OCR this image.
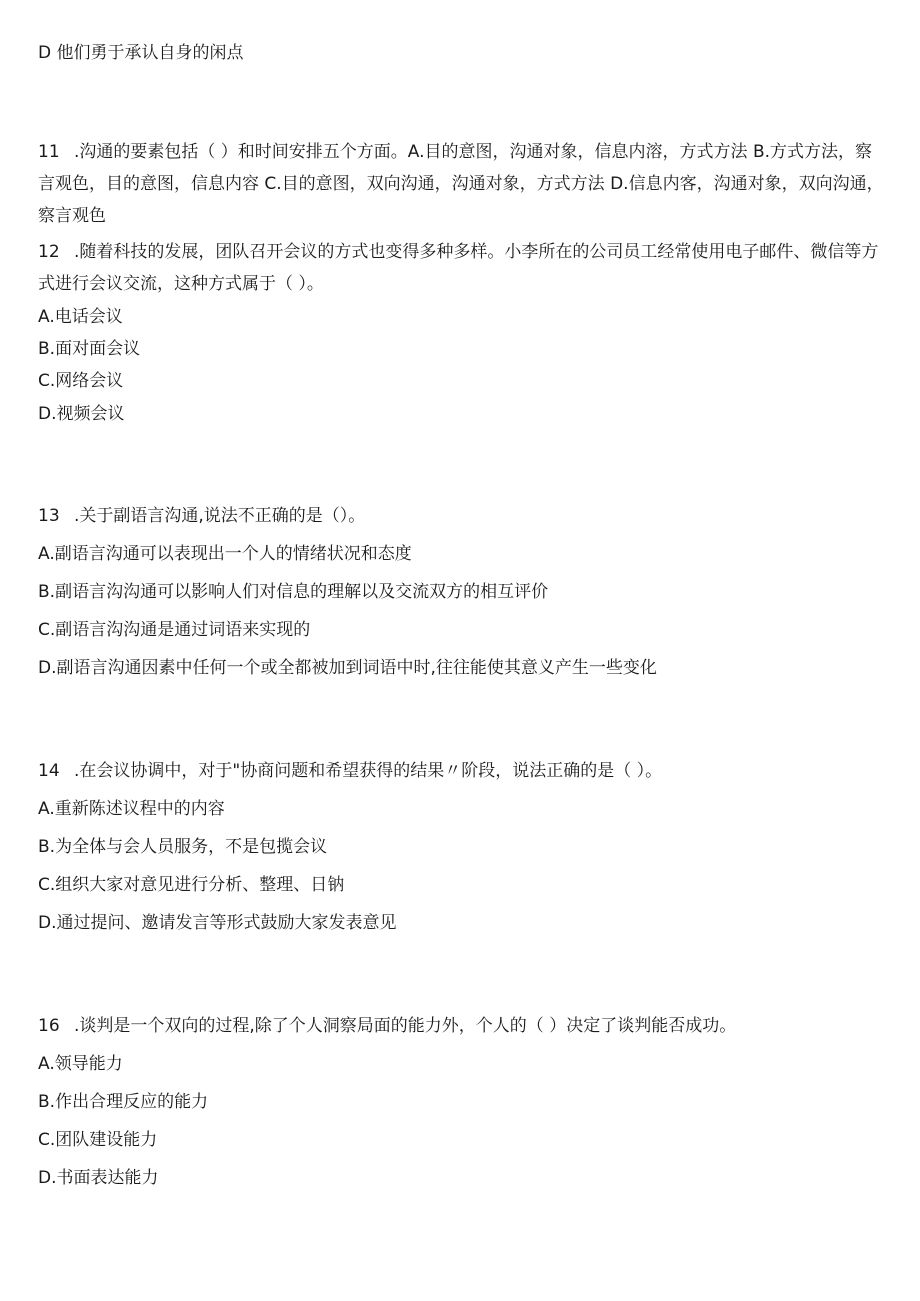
D 他们勇于承认自身的闲点
11 .沟通的要素包括（ ）和时间安排五个方面。A.目的意图，沟通对象，信息内溶，方式方法 B.方式方法，察言观色，目的意图，信息内容 C.目的意图，双向沟通，沟通对象，方式方法 D.信息内客，沟通对象，双向沟通，察言观色
12 .随着科技的发展，团队召开会议的方式也变得多种多样。小李所在的公司员工经常使用电子邮件、微信等方式进行会议交流，这种方式属于（ ）。
A.电话会议
B.面对面会议
C.网络会议
D.视频会议
13 .关于副语言沟通,说法不正确的是（）。
A.副语言沟通可以表现出一个人的情绪状况和态度
B.副语言沟沟通可以影响人们对信息的理解以及交流双方的相互评价
C.副语言沟沟通是通过词语来实现的
D.副语言沟通因素中任何一个或全都被加到词语中时,往往能使其意义产生一些变化
14 .在会议协调中，对于"协商问题和希望获得的结果〃阶段，说法正确的是（ ）。
A.重新陈述议程中的内容
B.为全体与会人员服务，不是包揽会议
C.组织大家对意见进行分析、整理、日钠
D.通过提问、邀请发言等形式鼓励大家发表意见
16 .谈判是一个双向的过程,除了个人洞察局面的能力外，个人的（ ）决定了谈判能否成功。
A.领导能力
B.作出合理反应的能力
C.团队建设能力
D.书面表达能力
